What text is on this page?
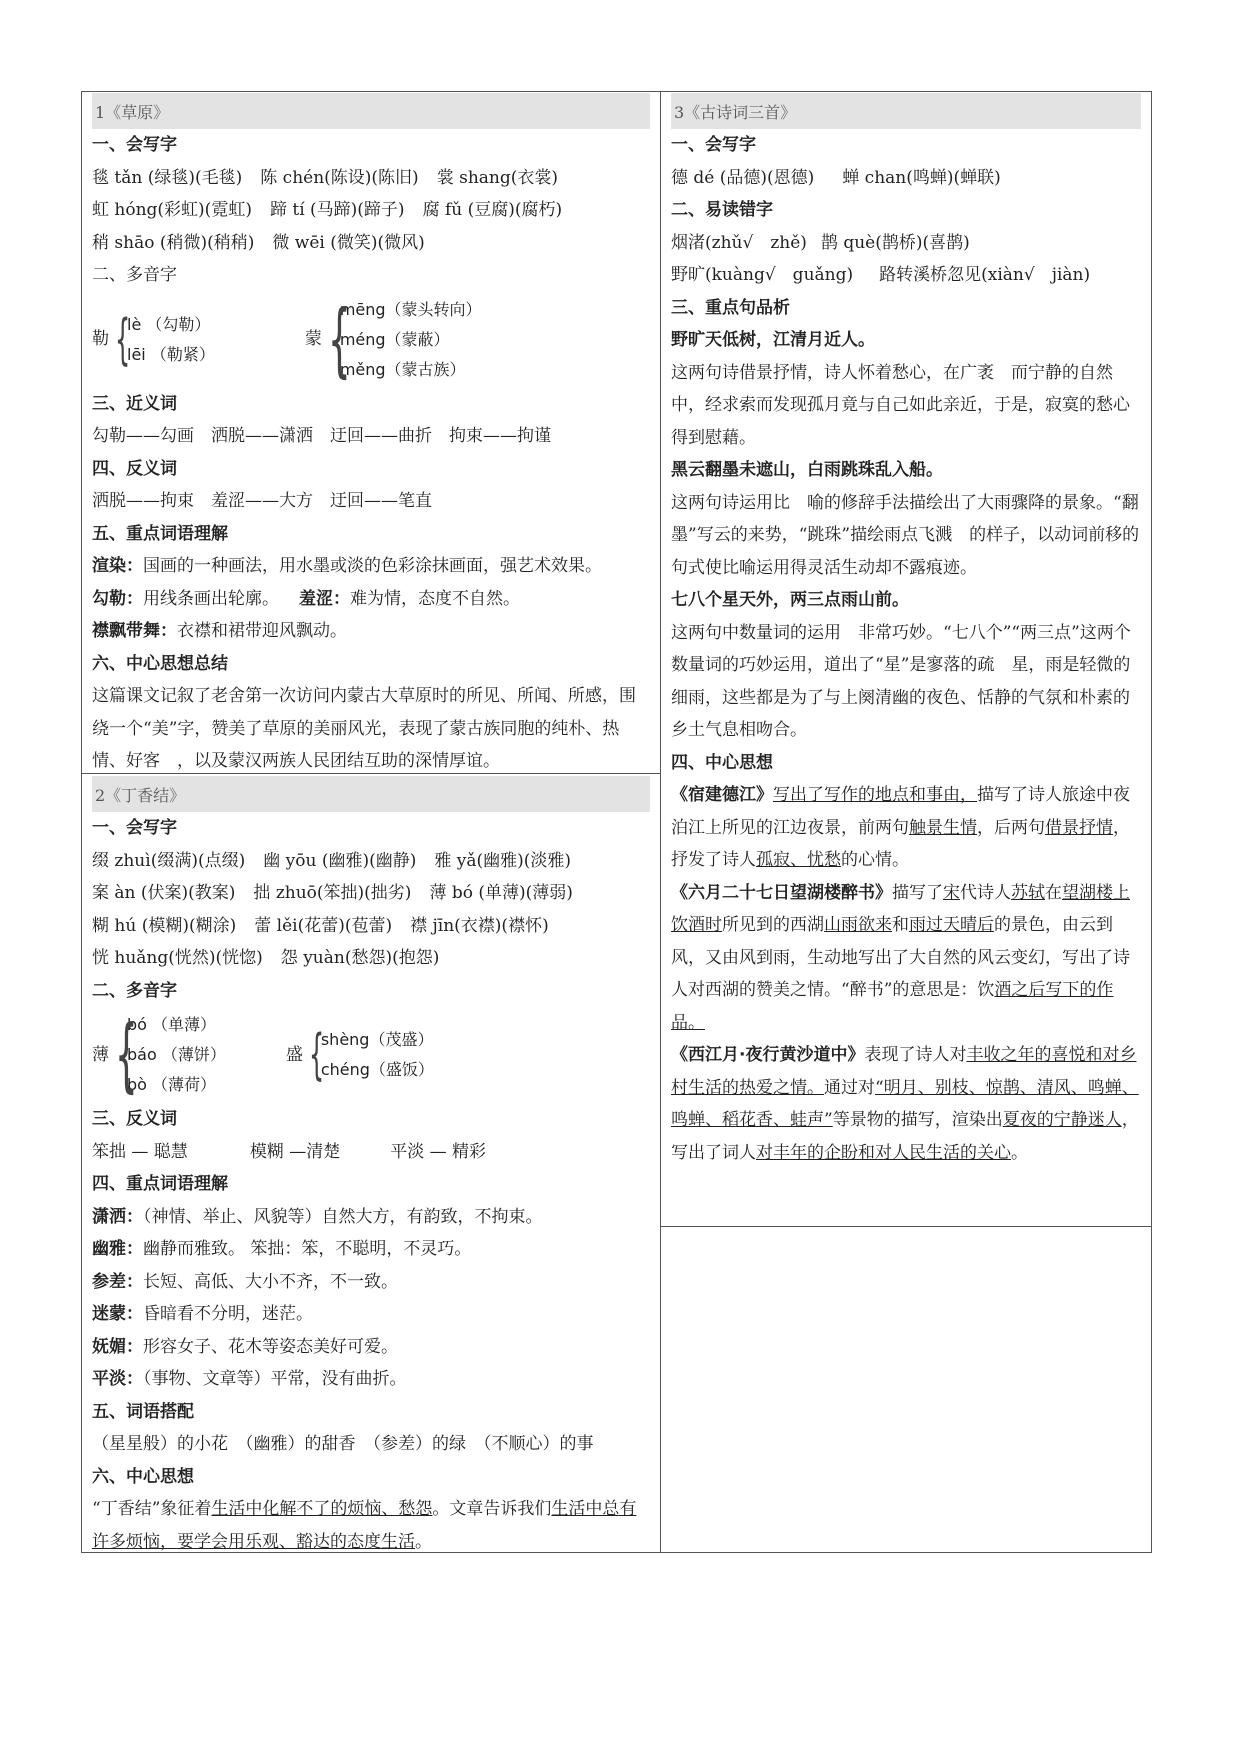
1《草原》
一、会写字
毯 tǎn (绿毯)(毛毯) 陈 chén(陈设)(陈旧) 裳 shang(衣裳)
虹 hóng(彩虹)(霓虹) 蹄 tí (马蹄)(蹄子) 腐 fǔ (豆腐)(腐朽)
稍 shāo (稍微)(稍稍) 微 wēi (微笑)(微风)
二、多音字
勒 {
lè （勾勒）
lēi （勒紧）
蒙 {
mēng（蒙头转向）
méng（蒙蔽）
měng（蒙古族）
三、近义词
勾勒——勾画　洒脱——潇洒　迂回——曲折　拘束——拘谨
四、反义词
洒脱——拘束　羞涩——大方　迂回——笔直
五、重点词语理解
渲染：国画的一种画法，用水墨或淡的色彩涂抹画面，强艺术效果。
勾勒：用线条画出轮廓。 羞涩：难为情，态度不自然。
襟飘带舞：衣襟和裙带迎风飘动。
六、中心思想总结
这篇课文记叙了老舍第一次访问内蒙古大草原时的所见、所闻、所感，围绕一个“美”字，赞美了草原的美丽风光，表现了蒙古族同胞的纯朴、热情、好客　，以及蒙汉两族人民团结互助的深情厚谊。
2《丁香结》
一、会写字
缀 zhuì(缀满)(点缀) 幽 yōu (幽雅)(幽静) 雅 yǎ(幽雅)(淡雅)
案 àn (伏案)(教案) 拙 zhuō(笨拙)(拙劣) 薄 bó (单薄)(薄弱)
糊 hú (模糊)(糊涂) 蕾 lěi(花蕾)(苞蕾) 襟 jīn(衣襟)(襟怀)
恍 huǎng(恍然)(恍惚) 怨 yuàn(愁怨)(抱怨)
二、多音字
薄 {
bó （单薄）
báo （薄饼）
bò （薄荷）
盛 {
shèng（茂盛）
chéng（盛饭）
三、反义词
笨拙 — 聪慧	模糊 —清楚	平淡 — 精彩
四、重点词语理解
潇洒：（神情、举止、风貌等）自然大方，有韵致，不拘束。
幽雅：幽静而雅致。 笨拙：笨，不聪明，不灵巧。
参差：长短、高低、大小不齐，不一致。
迷蒙：昏暗看不分明，迷茫。
妩媚：形容女子、花木等姿态美好可爱。
平淡：（事物、文章等）平常，没有曲折。
五、词语搭配
（星星般）的小花　（幽雅）的甜香　（参差）的绿　（不顺心）的事
六、中心思想
“丁香结”象征着生活中化解不了的烦恼、愁怨。文章告诉我们生活中总有许多烦恼，要学会用乐观、豁达的态度生活。
3《古诗词三首》
一、会写字
德 dé (品德)(恩德) 蝉 chan(鸣蝉)(蝉联)
二、易读错字
烟渚(zhǔ√　zhě) 鹊 què(鹊桥)(喜鹊)
野旷(kuàng√　guǎng) 路转溪桥忽见(xiàn√　jiàn)
三、重点句品析
野旷天低树，江清月近人。
这两句诗借景抒情，诗人怀着愁心，在广袤　而宁静的自然中，经求索而发现孤月竟与自己如此亲近，于是，寂寞的愁心得到慰藉。
黑云翻墨未遮山，白雨跳珠乱入船。
这两句诗运用比　喻的修辞手法描绘出了大雨骤降的景象。“翻墨”写云的来势，“跳珠”描绘雨点飞溅　的样子，以动词前移的句式使比喻运用得灵活生动却不露痕迹。
七八个星天外，两三点雨山前。
这两句中数量词的运用　非常巧妙。“七八个”“两三点”这两个数量词的巧妙运用，道出了“星”是寥落的疏　星，雨是轻微的细雨，这些都是为了与上阕清幽的夜色、恬静的气氛和朴素的乡土气息相吻合。
四、中心思想
《宿建德江》写出了写作的地点和事由，描写了诗人旅途中夜泊江上所见的江边夜景，前两句触景生情，后两句借景抒情，抒发了诗人孤寂、忧愁的心情。
《六月二十七日望湖楼醉书》描写了宋代诗人苏轼在望湖楼上饮酒时所见到的西湖山雨欲来和雨过天晴后的景色，由云到风，又由风到雨，生动地写出了大自然的风云变幻，写出了诗人对西湖的赞美之情。“醉书”的意思是：饮酒之后写下的作品。
《西江月·夜行黄沙道中》表现了诗人对丰收之年的喜悦和对乡村生活的热爱之情。通过对“明月、别枝、惊鹊、清风、鸣蝉、鸣蝉、稻花香、蛙声”等景物的描写，渲染出夏夜的宁静迷人，写出了词人对丰年的企盼和对人民生活的关心。
